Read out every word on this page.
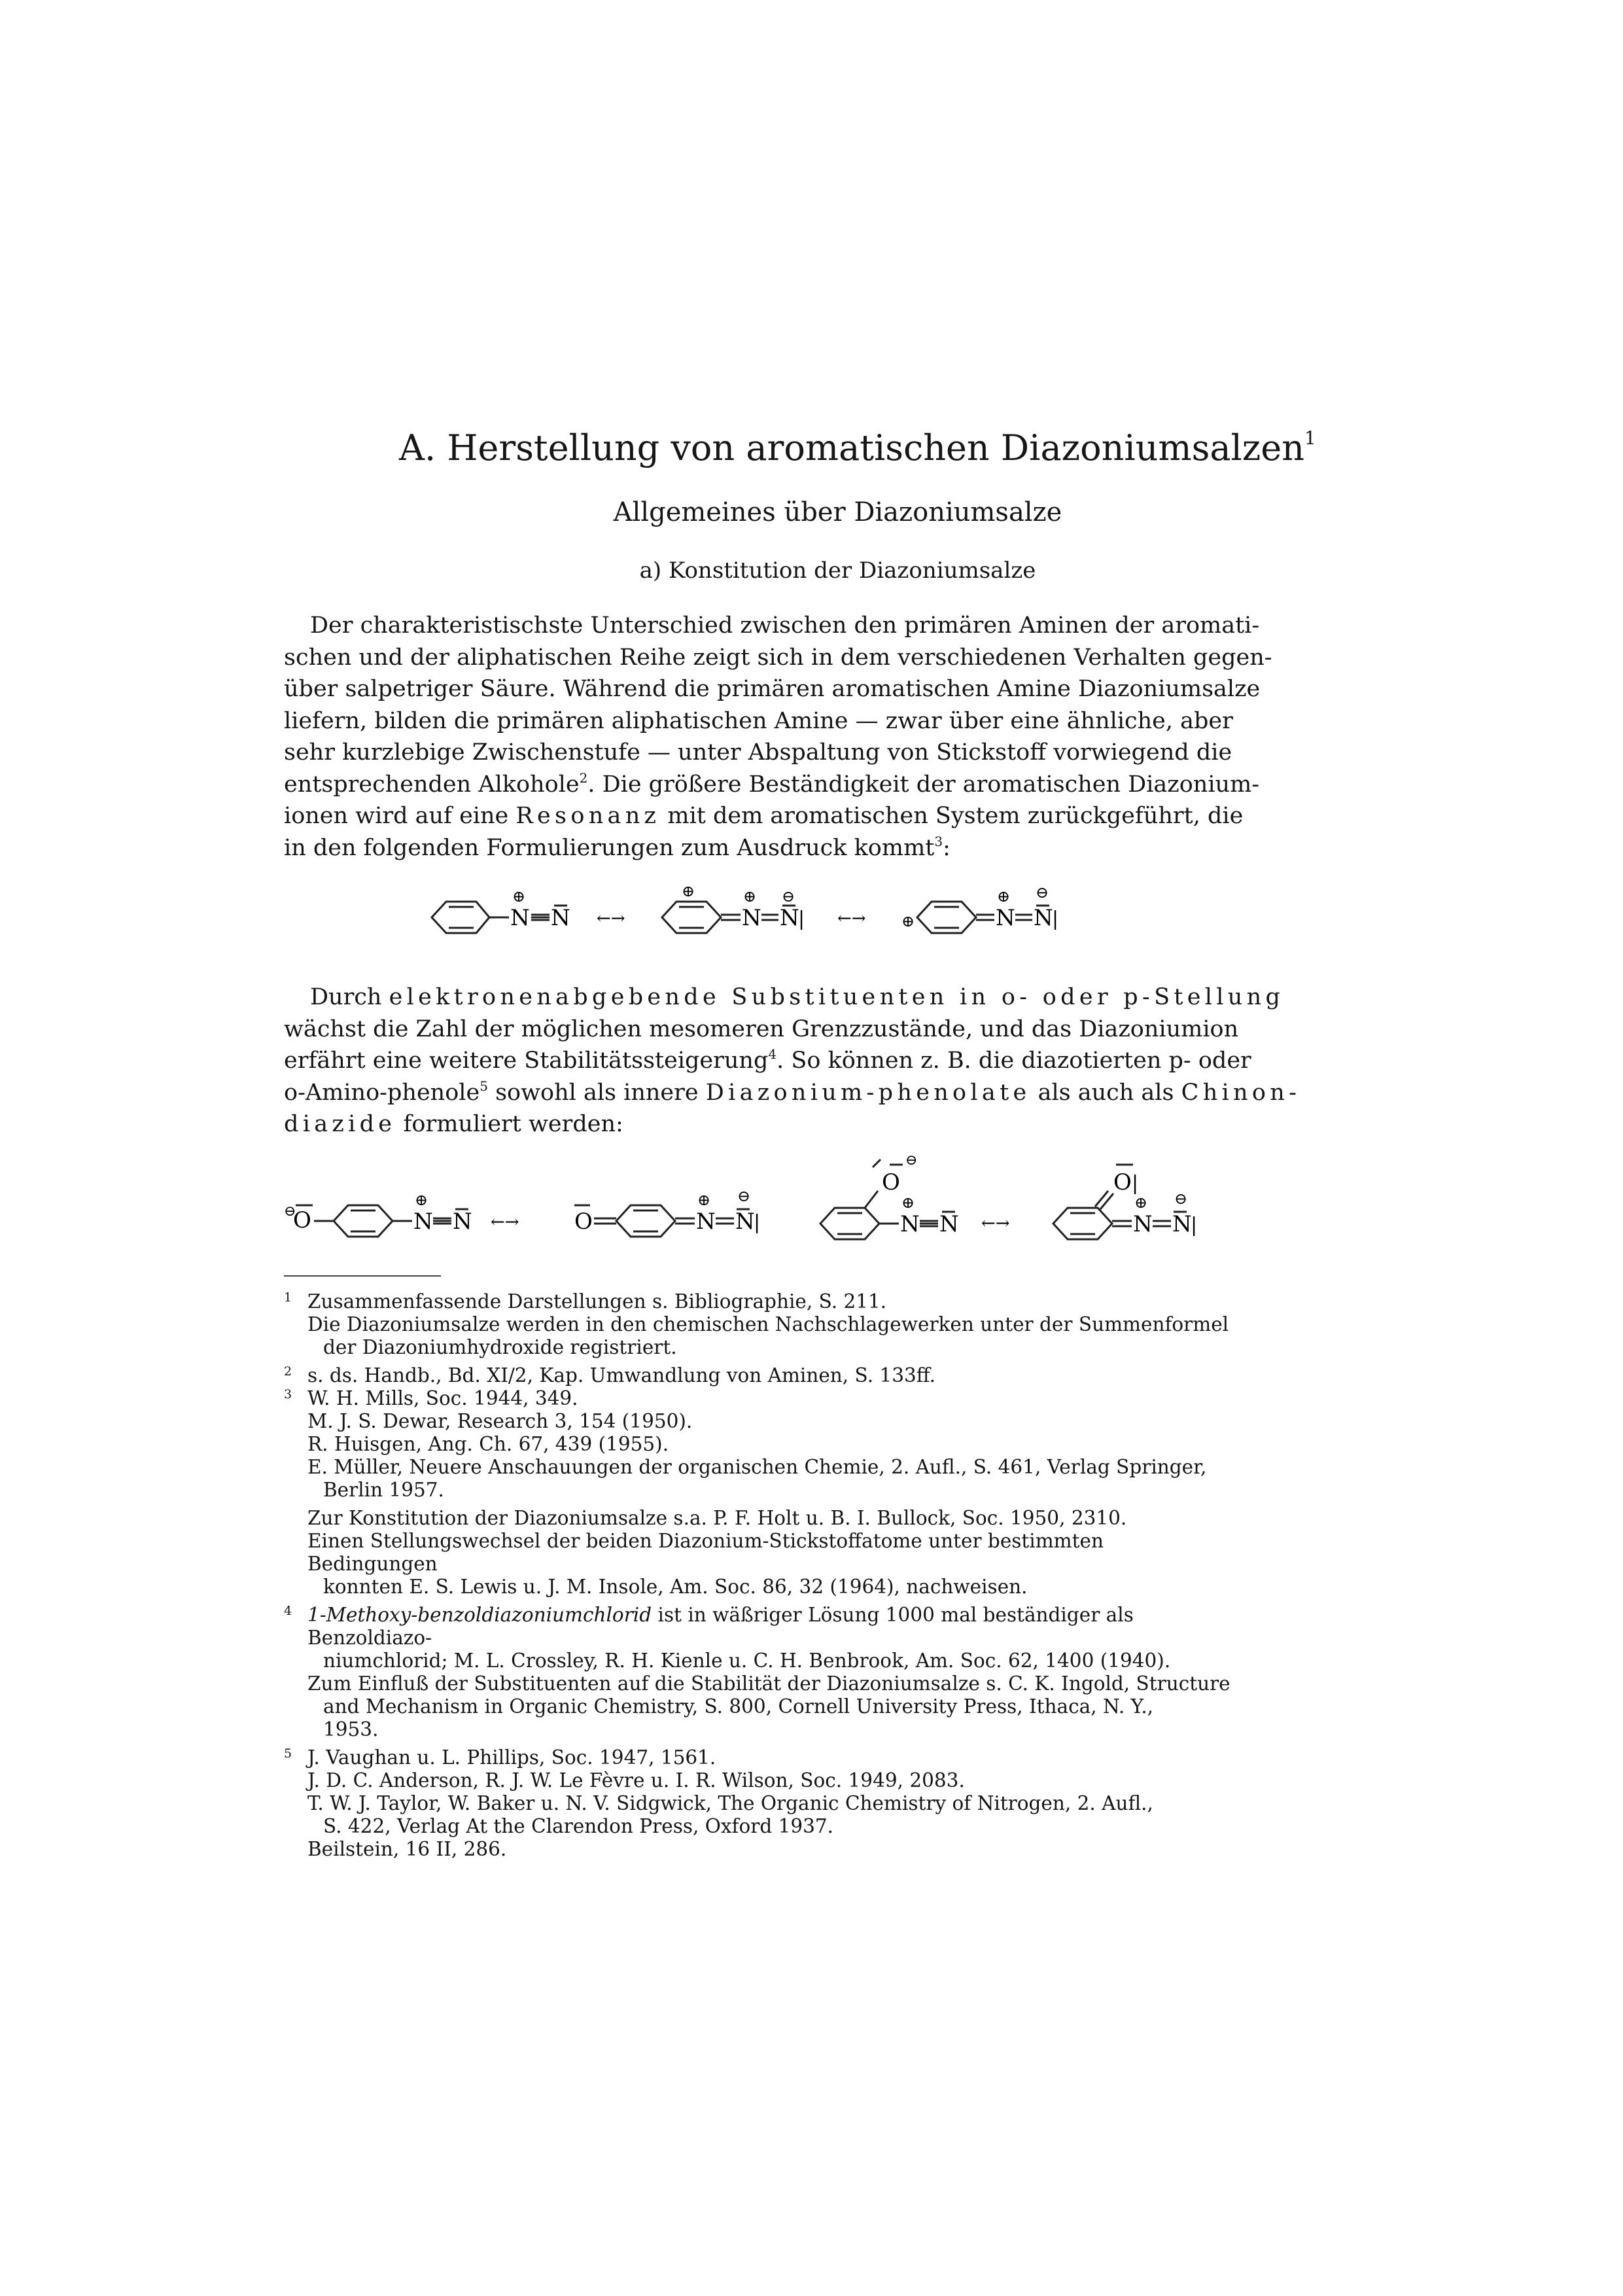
A. Herstellung von aromatischen Diazoniumsalzen$^1$
Allgemeines über Diazoniumsalze
a) Konstitution der Diazoniumsalze
Der charakteristischste Unterschied zwischen den primären Aminen der aromati-
schen und der aliphatischen Reihe zeigt sich in dem verschiedenen Verhalten gegen-
über salpetriger Säure. Während die primären aromatischen Amine Diazoniumsalze
liefern, bilden die primären aliphatischen Amine — zwar über eine ähnliche, aber
sehr kurzlebige Zwischenstufe — unter Abspaltung von Stickstoff vorwiegend die
entsprechenden Alkohole$^2$. Die größere Beständigkeit der aromatischen Diazonium-
ionen wird auf eine Resonanz mit dem aromatischen System zurückgeführt, die
in den folgenden Formulierungen zum Ausdruck kommt$^3$:
N
⊕
N ←→
⊕
N
⊕
N
⊖
| ←→ ⊕	N
⊕
N
⊖
|
Durch elektronenabgebende Substituenten in o- oder p-Stellung
wächst die Zahl der möglichen mesomeren Grenzzustände, und das Diazoniumion
erfährt eine weitere Stabilitätssteigerung$^4$. So können z. B. die diazotierten p- oder
o-Amino-phenole$^5$ sowohl als innere Diazonium-phenolate als auch als Chinon-
diazide formuliert werden:
⊖
O	N
⊕
N ←→ O	N
⊕
N
⊖
|
O
⊖
N
⊕
N ←→
O |
N
⊕
N
⊖
|
1 Zusammenfassende Darstellungen s. Bibliographie, S. 211.
Die Diazoniumsalze werden in den chemischen Nachschlagewerken unter der Summenformel
der Diazoniumhydroxide registriert.
2 s. ds. Handb., Bd. XI/2, Kap. Umwandlung von Aminen, S. 133ff.
3 W. H. Mills, Soc. 1944, 349.
M. J. S. Dewar, Research 3, 154 (1950).
R. Huisgen, Ang. Ch. 67, 439 (1955).
E. Müller, Neuere Anschauungen der organischen Chemie, 2. Aufl., S. 461, Verlag Springer,
Berlin 1957.
Zur Konstitution der Diazoniumsalze s.a. P. F. Holt u. B. I. Bullock, Soc. 1950, 2310.
Einen Stellungswechsel der beiden Diazonium-Stickstoffatome unter bestimmten Bedingungen
konnten E. S. Lewis u. J. M. Insole, Am. Soc. 86, 32 (1964), nachweisen.
4 1-Methoxy-benzoldiazoniumchlorid ist in wäßriger Lösung 1000 mal beständiger als Benzoldiazo-
niumchlorid; M. L. Crossley, R. H. Kienle u. C. H. Benbrook, Am. Soc. 62, 1400 (1940).
Zum Einfluß der Substituenten auf die Stabilität der Diazoniumsalze s. C. K. Ingold, Structure
and Mechanism in Organic Chemistry, S. 800, Cornell University Press, Ithaca, N. Y.,
1953.
5 J. Vaughan u. L. Phillips, Soc. 1947, 1561.
J. D. C. Anderson, R. J. W. Le Fèvre u. I. R. Wilson, Soc. 1949, 2083.
T. W. J. Taylor, W. Baker u. N. V. Sidgwick, The Organic Chemistry of Nitrogen, 2. Aufl.,
S. 422, Verlag At the Clarendon Press, Oxford 1937.
Beilstein, 16 II, 286.
